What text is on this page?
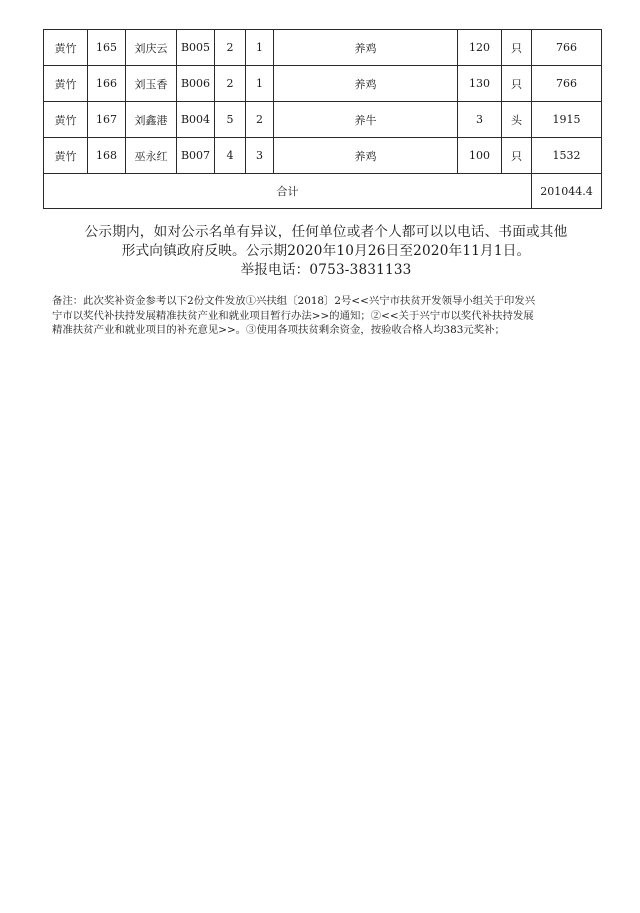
黄竹	165	刘庆云	B005	2	1	养鸡	120	只	766
黄竹	166	刘玉香	B006	2	1	养鸡	130	只	766
黄竹	167	刘鑫港	B004	5	2	养牛	3	头	1915
黄竹	168	巫永红	B007	4	3	养鸡	100	只	1532
合计									201044.4

公示期内，如对公示名单有异议，任何单位或者个人都可以以电话、书面或其他

形式向镇政府反映。公示期2020年10月26日至2020年11月1日。

举报电话：0753-3831133

备注：此次奖补资金参考以下2份文件发放①兴扶组〔2018〕2号<<兴宁市扶贫开发领导小组关于印发兴

宁市以奖代补扶持发展精准扶贫产业和就业项目暂行办法>>的通知；②<<关于兴宁市以奖代补扶持发展

精准扶贫产业和就业项目的补充意见>>。③使用各项扶贫剩余资金，按验收合格人均383元奖补；
